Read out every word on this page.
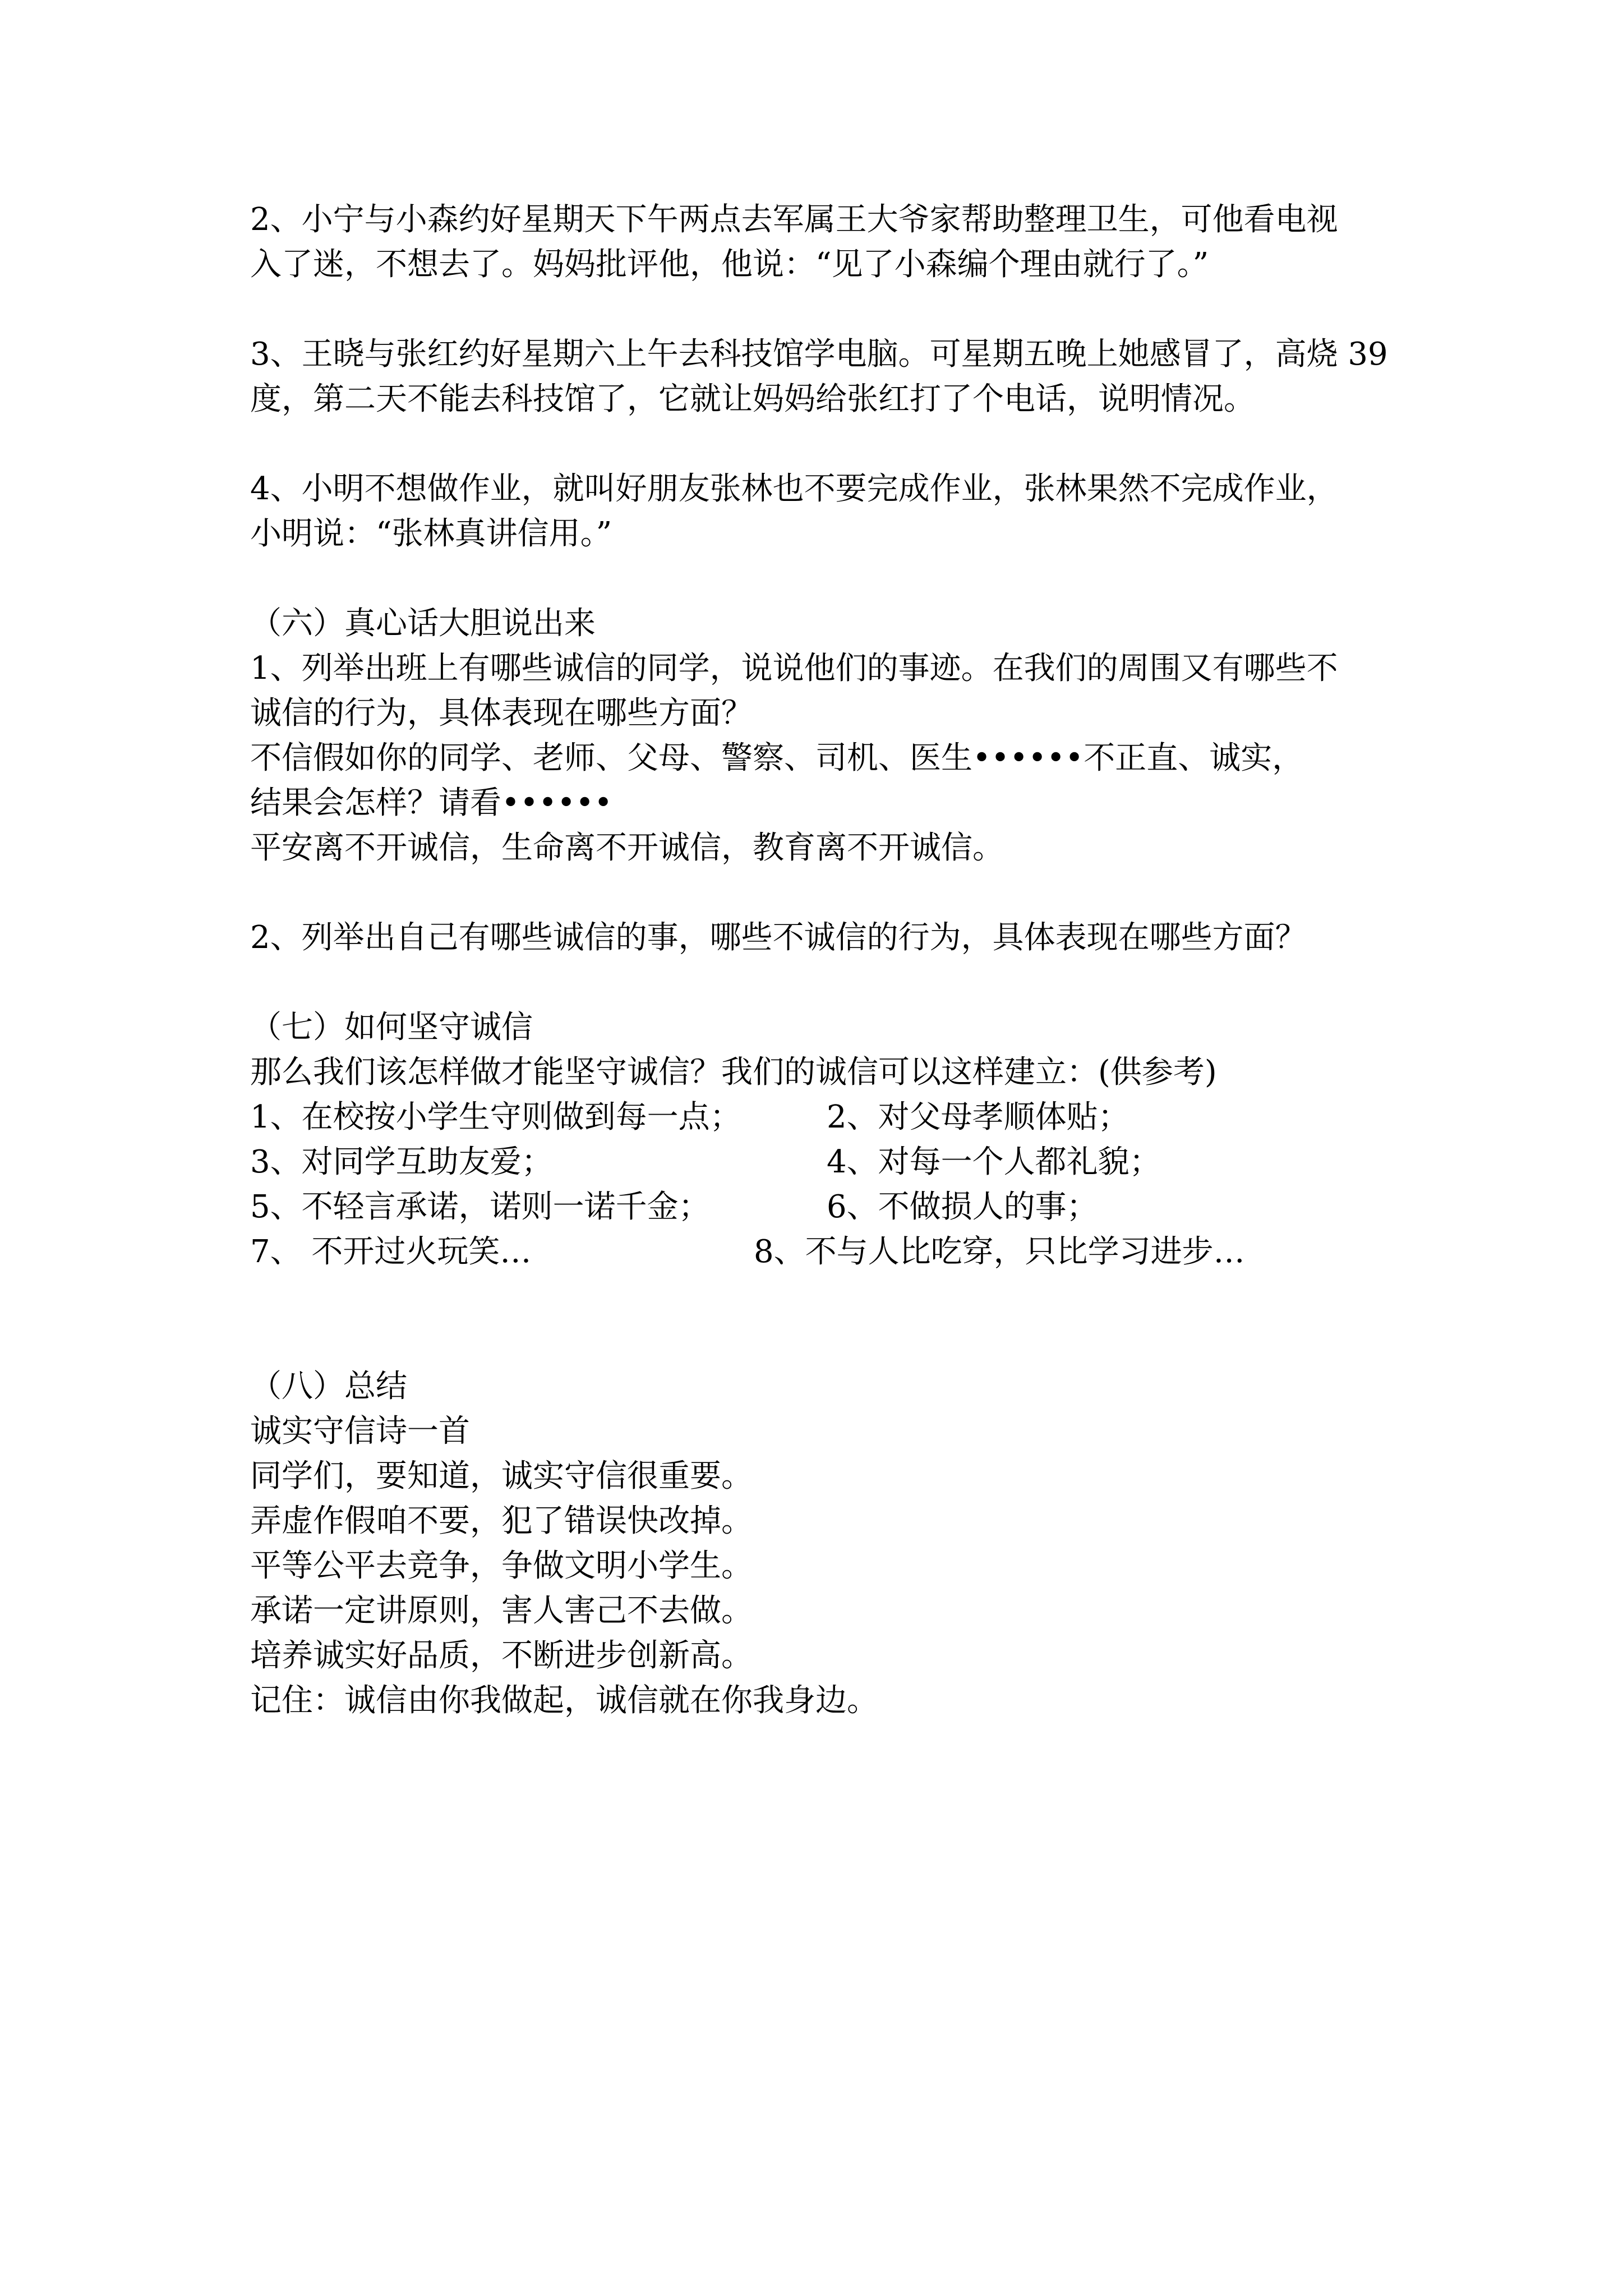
2、小宁与小森约好星期天下午两点去军属王大爷家帮助整理卫生，可他看电视

入了迷，不想去了。妈妈批评他，他说：“见了小森编个理由就行了。”

3、王晓与张红约好星期六上午去科技馆学电脑。可星期五晚上她感冒了，高烧 39

度，第二天不能去科技馆了，它就让妈妈给张红打了个电话，说明情况。

4、小明不想做作业，就叫好朋友张林也不要完成作业，张林果然不完成作业，

小明说：“张林真讲信用。”

（六）真心话大胆说出来

1、列举出班上有哪些诚信的同学，说说他们的事迹。在我们的周围又有哪些不

诚信的行为，具体表现在哪些方面？

不信假如你的同学、老师、父母、警察、司机、医生••••••不正直、诚实，

结果会怎样？请看••••••

平安离不开诚信，生命离不开诚信，教育离不开诚信。

2、列举出自己有哪些诚信的事，哪些不诚信的行为，具体表现在哪些方面？

（七）如何坚守诚信

那么我们该怎样做才能坚守诚信？我们的诚信可以这样建立：(供参考)

1、在校按小学生守则做到每一点；	2、对父母孝顺体贴；
3、对同学互助友爱；	4、对每一个人都礼貌；
5、不轻言承诺，诺则一诺千金；	6、不做损人的事；
7、 不开过火玩笑…	8、不与人比吃穿，只比学习进步…

（八）总结

诚实守信诗一首

同学们，要知道，诚实守信很重要。

弄虚作假咱不要，犯了错误快改掉。

平等公平去竞争，争做文明小学生。

承诺一定讲原则，害人害己不去做。

培养诚实好品质，不断进步创新高。

记住：诚信由你我做起，诚信就在你我身边。
